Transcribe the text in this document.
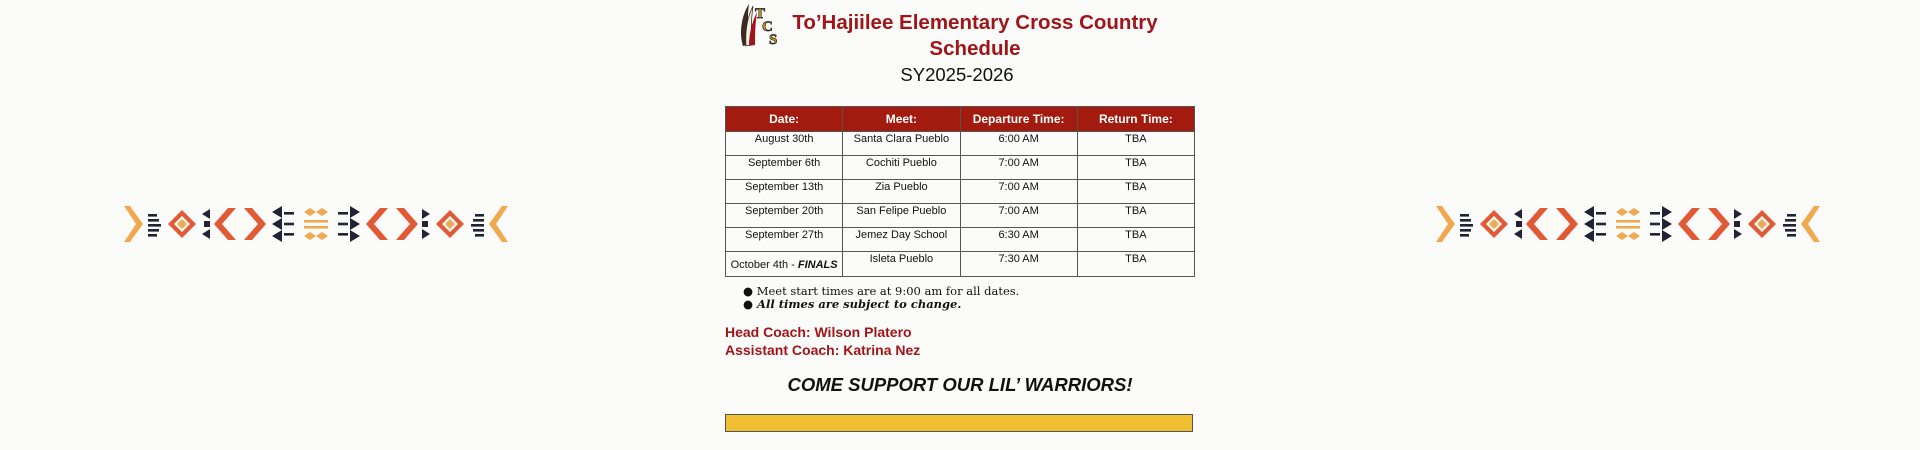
T
C
S
To’Hajiilee Elementary Cross Country Schedule
SY2025-2026
Date:	Meet:	Departure Time:	Return Time:
August 30th	Santa Clara Pueblo	6:00 AM	TBA
September 6th	Cochiti Pueblo	7:00 AM	TBA
September 13th	Zia Pueblo	7:00 AM	TBA
September 20th	San Felipe Pueblo	7:00 AM	TBA
September 27th	Jemez Day School	6:30 AM	TBA
October 4th - FINALS	Isleta Pueblo	7:30 AM	TBA
● Meet start times are at 9:00 am for all dates.
● All times are subject to change.
Head Coach: Wilson Platero
Assistant Coach: Katrina Nez
COME SUPPORT OUR LIL’ WARRIORS!
